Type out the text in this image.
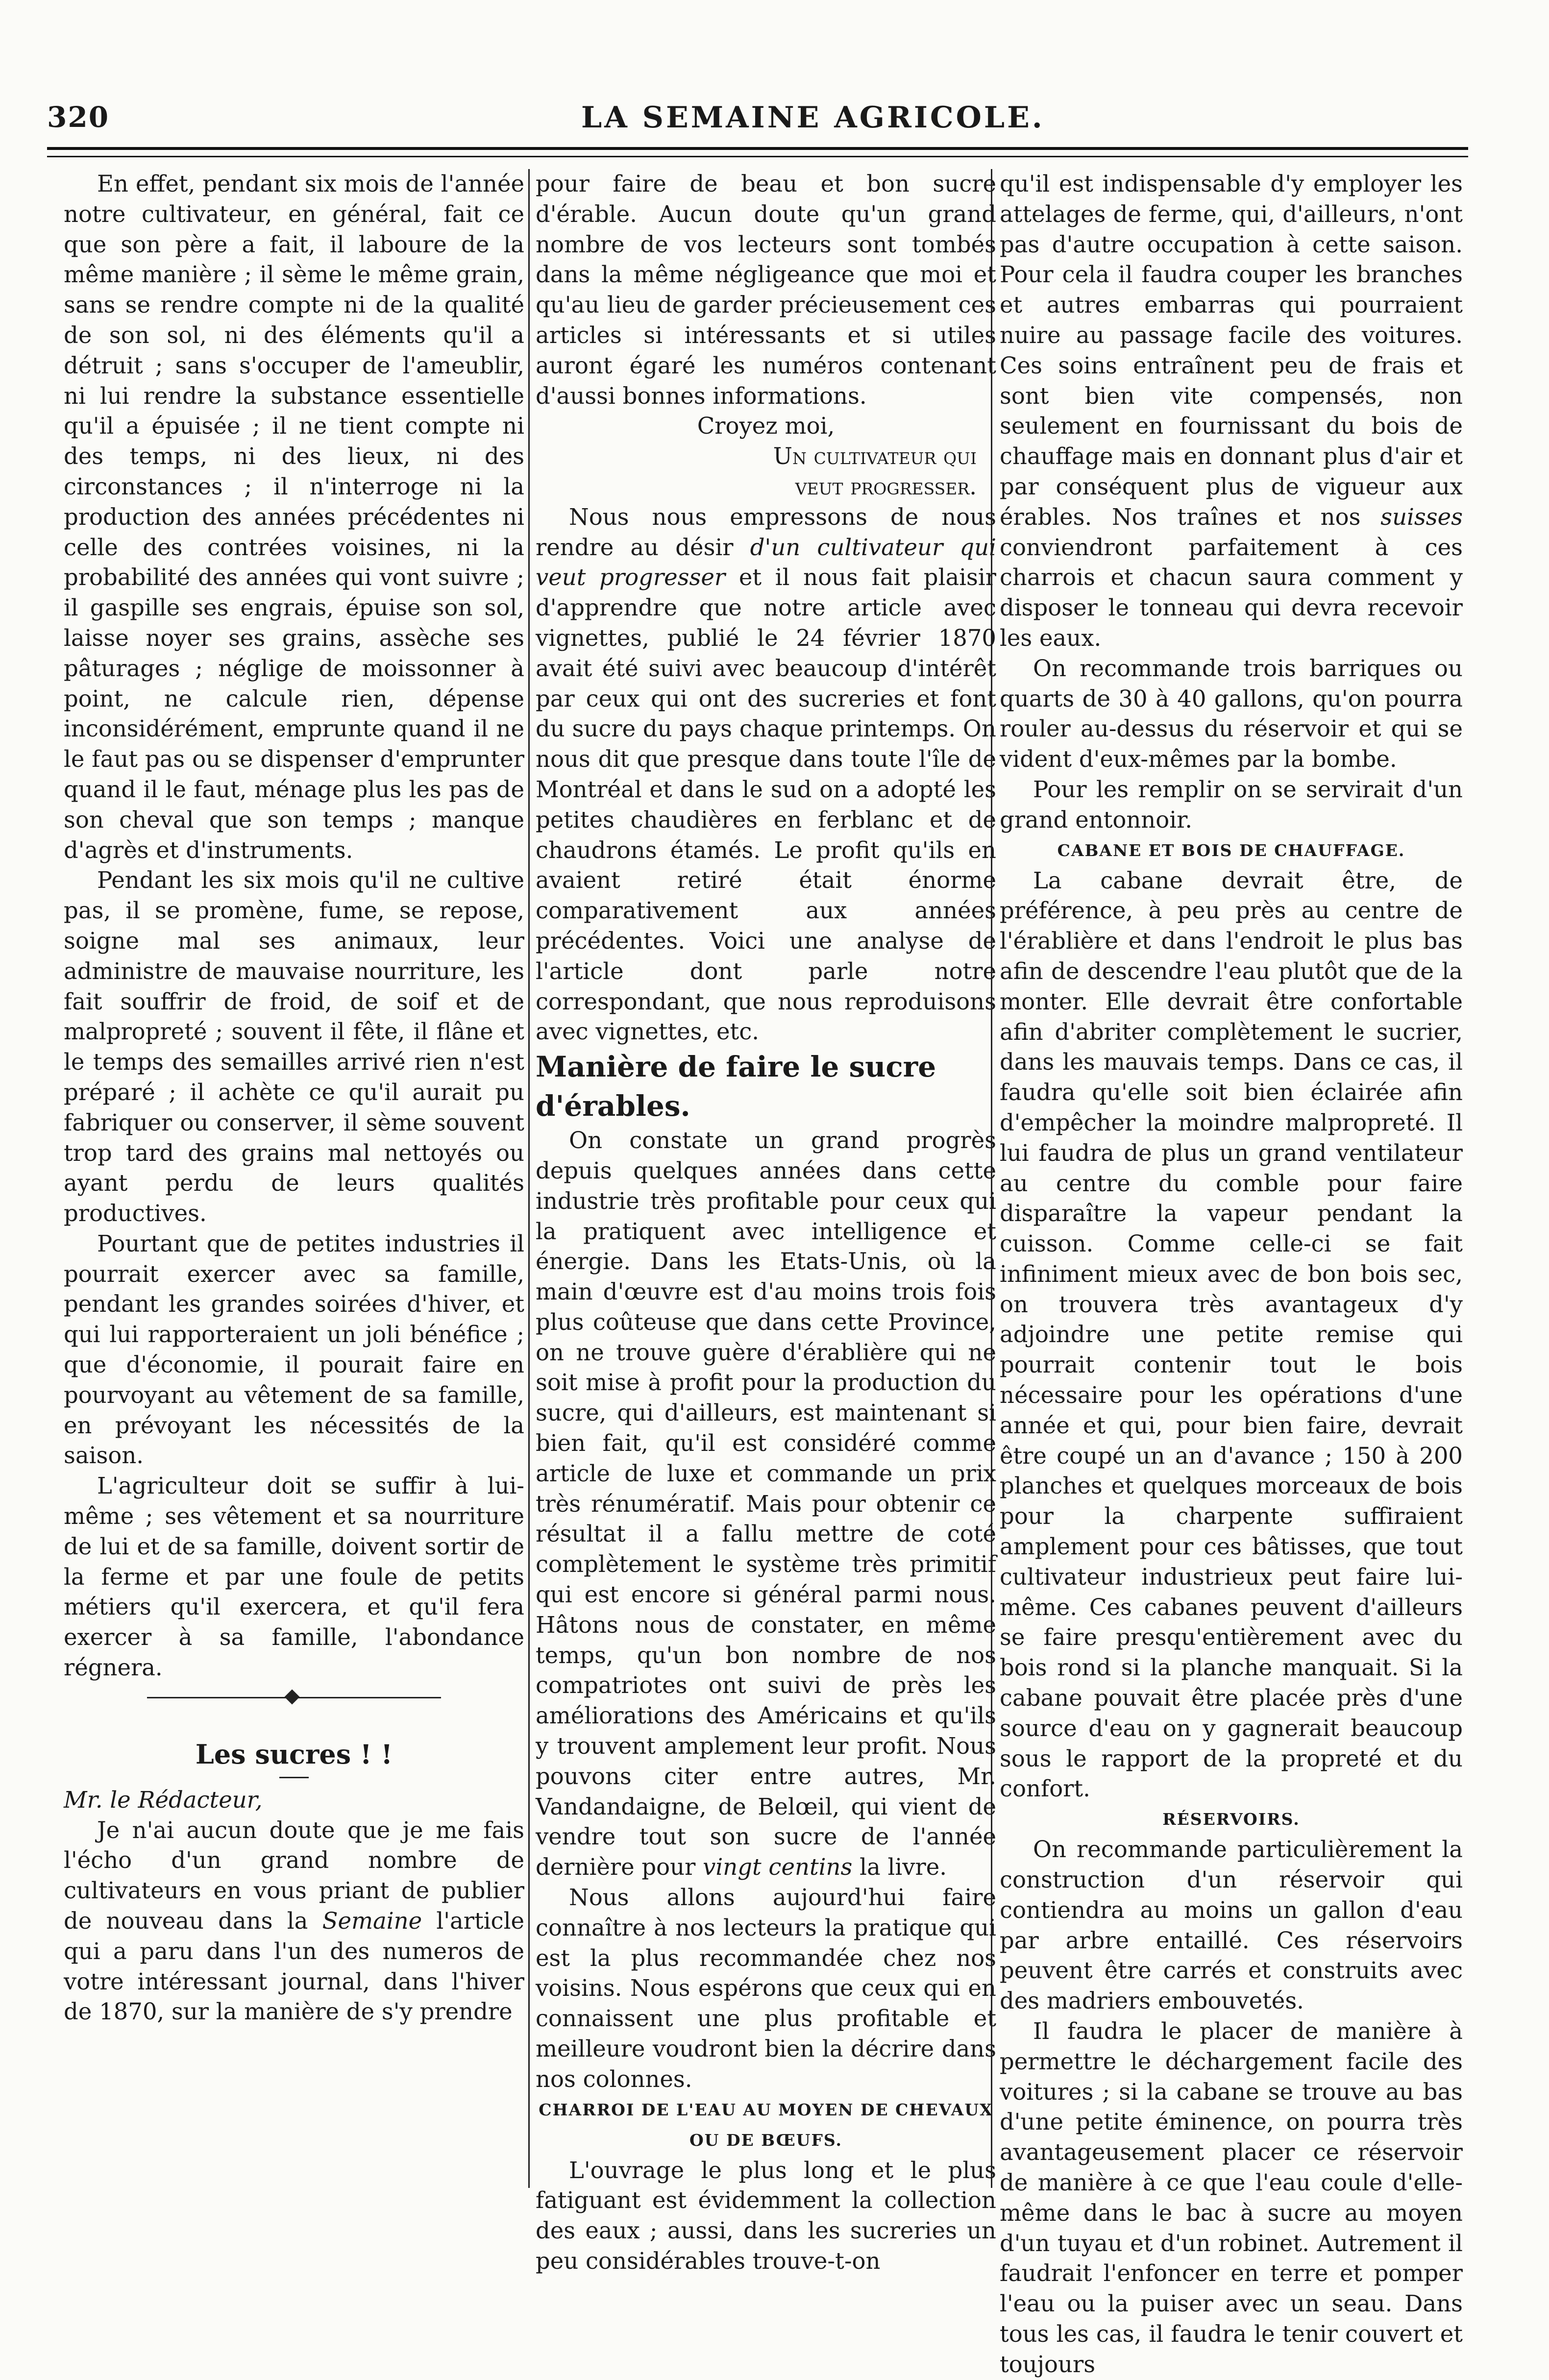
320	LA SEMAINE AGRICOLE.

En effet, pendant six mois de l'année notre cultivateur, en général, fait ce que son père a fait, il laboure de la même manière ; il sème le même grain, sans se rendre compte ni de la qualité de son sol, ni des éléments qu'il a détruit ; sans s'occuper de l'ameublir, ni lui rendre la substance essentielle qu'il a épuisée ; il ne tient compte ni des temps, ni des lieux, ni des circonstances ; il n'interroge ni la production des années précédentes ni celle des contrées voisines, ni la probabilité des années qui vont suivre ; il gaspille ses engrais, épuise son sol, laisse noyer ses grains, assèche ses pâturages ; néglige de moissonner à point, ne calcule rien, dépense inconsidérément, emprunte quand il ne le faut pas ou se dispenser d'emprunter quand il le faut, ménage plus les pas de son cheval que son temps ; manque d'agrès et d'instruments.

Pendant les six mois qu'il ne cultive pas, il se promène, fume, se repose, soigne mal ses animaux, leur administre de mauvaise nourriture, les fait souffrir de froid, de soif et de malpropreté ; souvent il fête, il flâne et le temps des semailles arrivé rien n'est préparé ; il achète ce qu'il aurait pu fabriquer ou conserver, il sème souvent trop tard des grains mal nettoyés ou ayant perdu de leurs qualités productives.

Pourtant que de petites industries il pourrait exercer avec sa famille, pendant les grandes soirées d'hiver, et qui lui rapporteraient un joli bénéfice ; que d'économie, il pourait faire en pourvoyant au vêtement de sa famille, en prévoyant les nécessités de la saison.

L'agriculteur doit se suffir à lui-même ; ses vêtement et sa nourriture de lui et de sa famille, doivent sortir de la ferme et par une foule de petits métiers qu'il exercera, et qu'il fera exercer à sa famille, l'abondance régnera.

Les sucres ! !

Mr. le Rédacteur,

Je n'ai aucun doute que je me fais l'écho d'un grand nombre de cultivateurs en vous priant de publier de nouveau dans la Semaine l'article qui a paru dans l'un des numeros de votre intéressant journal, dans l'hiver de 1870, sur la manière de s'y prendre

pour faire de beau et bon sucre d'érable. Aucun doute qu'un grand nombre de vos lecteurs sont tombés dans la même négligeance que moi et qu'au lieu de garder précieusement ces articles si intéressants et si utiles auront égaré les numéros contenant d'aussi bonnes informations.

Croyez moi,

Un cultivateur qui

veut progresser.

Nous nous empressons de nous rendre au désir d'un cultivateur qui veut progresser et il nous fait plaisir d'apprendre que notre article avec vignettes, publié le 24 février 1870 avait été suivi avec beaucoup d'intérêt par ceux qui ont des sucreries et font du sucre du pays chaque printemps. On nous dit que presque dans toute l'île de Montréal et dans le sud on a adopté les petites chaudières en ferblanc et de chaudrons étamés. Le profit qu'ils en avaient retiré était énorme comparativement aux années précédentes. Voici une analyse de l'article dont parle notre correspondant, que nous reproduisons avec vignettes, etc.

Manière de faire le sucre d'érables.

On constate un grand progrès depuis quelques années dans cette industrie très profitable pour ceux qui la pratiquent avec intelligence et énergie. Dans les Etats-Unis, où la main d'œuvre est d'au moins trois fois plus coûteuse que dans cette Province, on ne trouve guère d'érablière qui ne soit mise à profit pour la production du sucre, qui d'ailleurs, est maintenant si bien fait, qu'il est considéré comme article de luxe et commande un prix très rénumératif. Mais pour obtenir ce résultat il a fallu mettre de coté complètement le système très primitif qui est encore si général parmi nous. Hâtons nous de constater, en même temps, qu'un bon nombre de nos compatriotes ont suivi de près les améliorations des Américains et qu'ils y trouvent amplement leur profit. Nous pouvons citer entre autres, Mr. Vandandaigne, de Belœil, qui vient de vendre tout son sucre de l'année dernière pour vingt centins la livre.

Nous allons aujourd'hui faire connaître à nos lecteurs la pratique qui est la plus recommandée chez nos voisins. Nous espérons que ceux qui en connaissent une plus profitable et meilleure voudront bien la décrire dans nos colonnes.

CHARROI DE L'EAU AU MOYEN DE CHEVAUX OU DE BŒUFS.

L'ouvrage le plus long et le plus fatiguant est évidemment la collection des eaux ; aussi, dans les sucreries un peu considérables trouve-t-on

qu'il est indispensable d'y employer les attelages de ferme, qui, d'ailleurs, n'ont pas d'autre occupation à cette saison. Pour cela il faudra couper les branches et autres embarras qui pourraient nuire au passage facile des voitures. Ces soins entraînent peu de frais et sont bien vite compensés, non seulement en fournissant du bois de chauffage mais en donnant plus d'air et par conséquent plus de vigueur aux érables. Nos traînes et nos suisses conviendront parfaitement à ces charrois et chacun saura comment y disposer le tonneau qui devra recevoir les eaux.

On recommande trois barriques ou quarts de 30 à 40 gallons, qu'on pourra rouler au-dessus du réservoir et qui se vident d'eux-mêmes par la bombe.

Pour les remplir on se servirait d'un grand entonnoir.

CABANE ET BOIS DE CHAUFFAGE.

La cabane devrait être, de préférence, à peu près au centre de l'érablière et dans l'endroit le plus bas afin de descendre l'eau plutôt que de la monter. Elle devrait être confortable afin d'abriter complètement le sucrier, dans les mauvais temps. Dans ce cas, il faudra qu'elle soit bien éclairée afin d'empêcher la moindre malpropreté. Il lui faudra de plus un grand ventilateur au centre du comble pour faire disparaître la vapeur pendant la cuisson. Comme celle-ci se fait infiniment mieux avec de bon bois sec, on trouvera très avantageux d'y adjoindre une petite remise qui pourrait contenir tout le bois nécessaire pour les opérations d'une année et qui, pour bien faire, devrait être coupé un an d'avance ; 150 à 200 planches et quelques morceaux de bois pour la charpente suffiraient amplement pour ces bâtisses, que tout cultivateur industrieux peut faire lui-même. Ces cabanes peuvent d'ailleurs se faire presqu'entièrement avec du bois rond si la planche manquait. Si la cabane pouvait être placée près d'une source d'eau on y gagnerait beaucoup sous le rapport de la propreté et du confort.

RÉSERVOIRS.

On recommande particulièrement la construction d'un réservoir qui contiendra au moins un gallon d'eau par arbre entaillé. Ces réservoirs peuvent être carrés et construits avec des madriers embouvetés.

Il faudra le placer de manière à permettre le déchargement facile des voitures ; si la cabane se trouve au bas d'une petite éminence, on pourra très avantageusement placer ce réservoir de manière à ce que l'eau coule d'elle-même dans le bac à sucre au moyen d'un tuyau et d'un robinet. Autrement il faudrait l'enfoncer en terre et pomper l'eau ou la puiser avec un seau. Dans tous les cas, il faudra le tenir couvert et toujours
